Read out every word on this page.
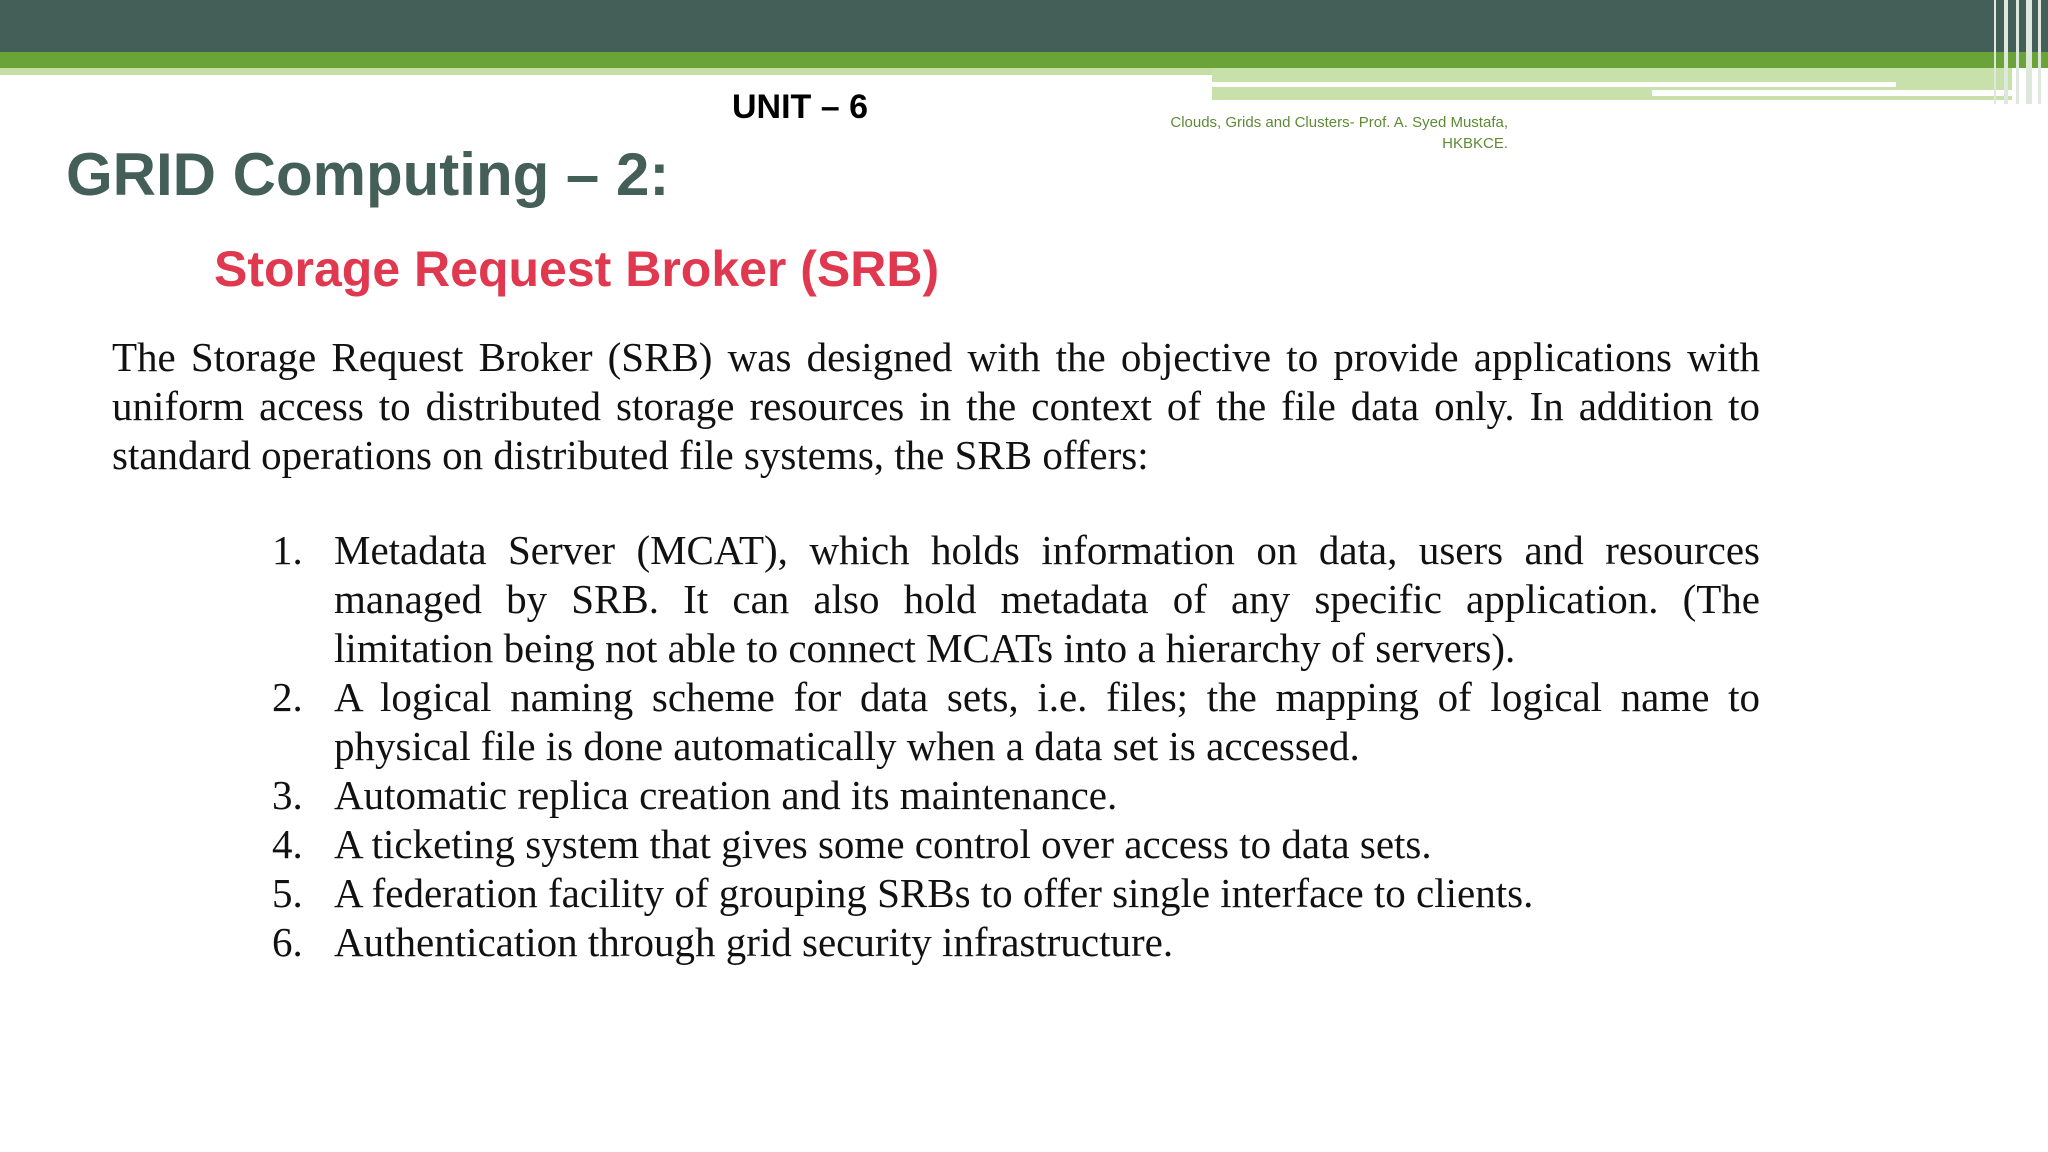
UNIT – 6	Clouds, Grids and Clusters- Prof. A. Syed Mustafa,
HKBKCE.
GRID Computing – 2:
Storage Request Broker (SRB)

The Storage Request Broker (SRB) was designed with the objective to provide applications with uniform access to distributed storage resources in the context of the file data only. In addition to standard operations on distributed file systems, the SRB offers:

1. Metadata Server (MCAT), which holds information on data, users and resources managed by SRB. It can also hold metadata of any specific application. (The limitation being not able to connect MCATs into a hierarchy of servers).
2. A logical naming scheme for data sets, i.e. files; the mapping of logical name to physical file is done automatically when a data set is accessed.
3. Automatic replica creation and its maintenance.
4. A ticketing system that gives some control over access to data sets.
5. A federation facility of grouping SRBs to offer single interface to clients.
6. Authentication through grid security infrastructure.
